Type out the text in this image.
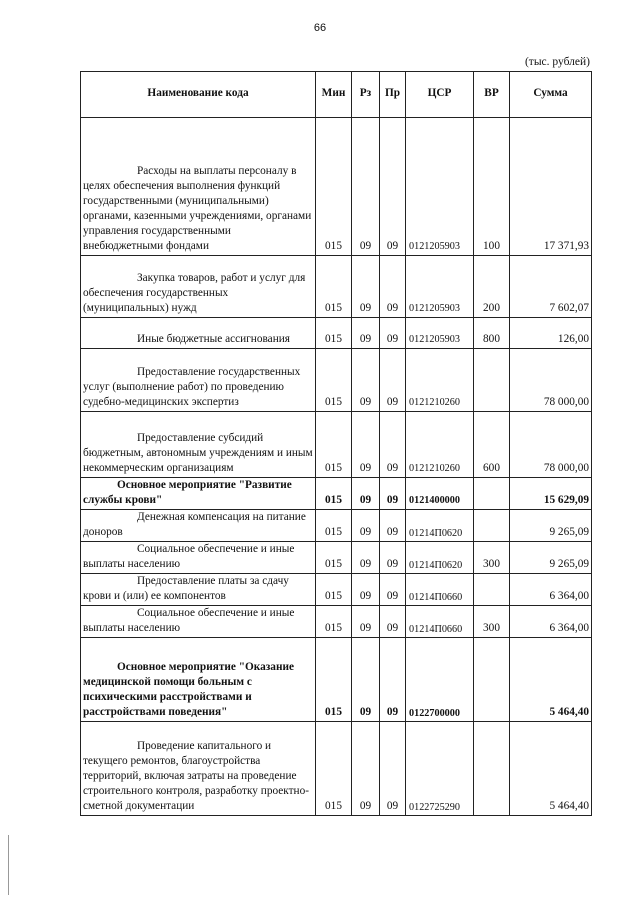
66
(тыс. рублей)
Наименование кода	Мин	Рз	Пр	ЦСР	ВР	Сумма

Расходы на выплаты персоналу в целях обеспечения выполнения функций государственными (муниципальными) органами, казенными учреждениями, органами управления государственными внебюджетными фондами	015	09	09	0121205903	100	17 371,93

Закупка товаров, работ и услуг для обеспечения государственных (муниципальных) нужд	015	09	09	0121205903	200	7 602,07

Иные бюджетные ассигнования	015	09	09	0121205903	800	126,00

Предоставление государственных услуг (выполнение работ) по проведению судебно-медицинских экспертиз	015	09	09	0121210260		78 000,00

Предоставление субсидий бюджетным, автономным учреждениям и иным некоммерческим организациям	015	09	09	0121210260	600	78 000,00

Основное мероприятие "Развитие службы крови"	015	09	09	0121400000		15 629,09

Денежная компенсация на питание доноров	015	09	09	01214П0620		9 265,09

Социальное обеспечение и иные выплаты населению	015	09	09	01214П0620	300	9 265,09

Предоставление платы за сдачу крови и (или) ее компонентов	015	09	09	01214П0660		6 364,00

Социальное обеспечение и иные выплаты населению	015	09	09	01214П0660	300	6 364,00

Основное мероприятие "Оказание медицинской помощи больным с психическими расстройствами и расстройствами поведения"	015	09	09	0122700000		5 464,40

Проведение капитального и текущего ремонтов, благоустройства территорий, включая затраты на проведение строительного контроля, разработку проектно-сметной документации	015	09	09	0122725290		5 464,40
